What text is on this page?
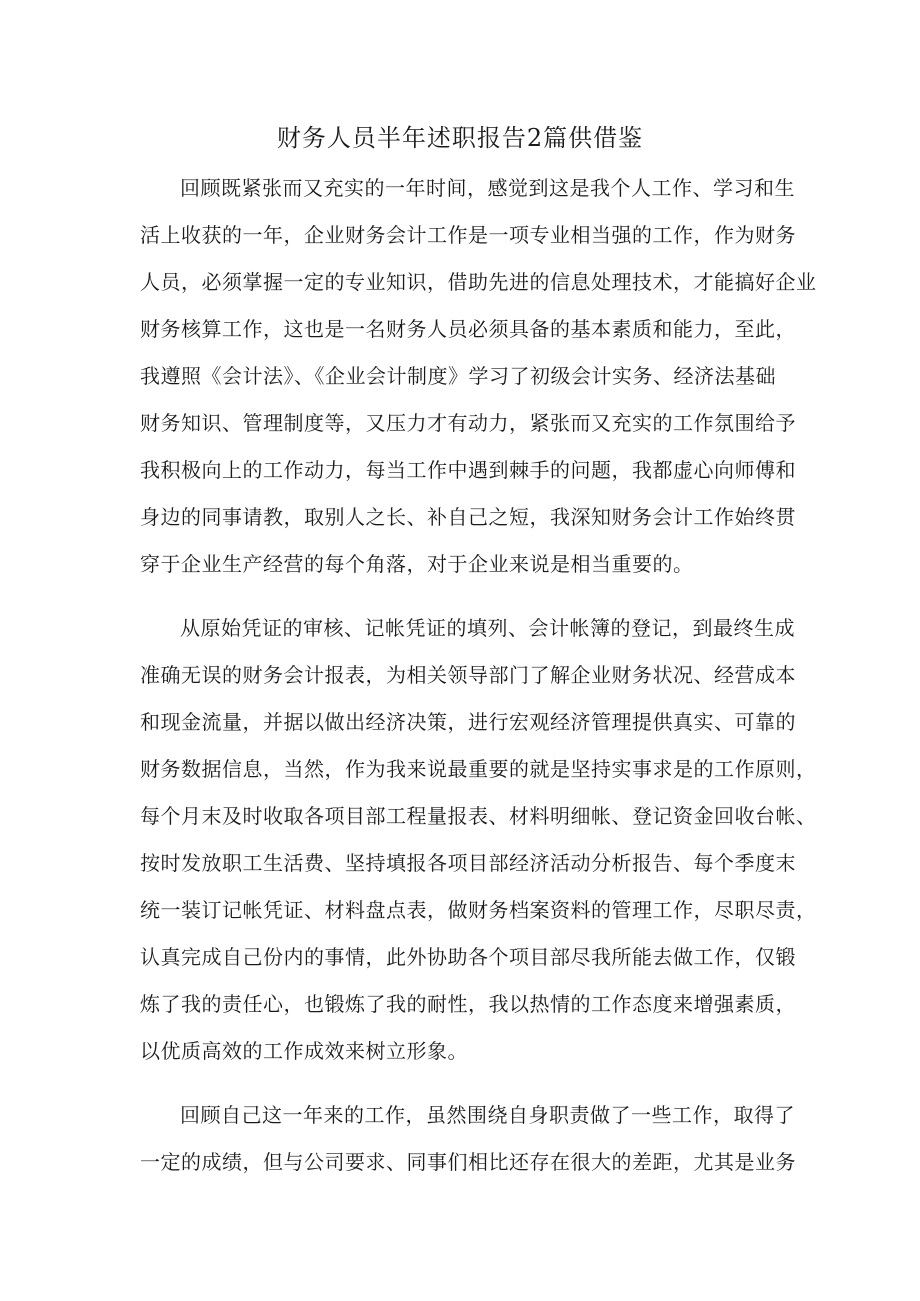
财务人员半年述职报告2篇供借鉴
回顾既紧张而又充实的一年时间，感觉到这是我个人工作、学习和生
活上收获的一年，企业财务会计工作是一项专业相当强的工作，作为财务
人员，必须掌握一定的专业知识，借助先进的信息处理技术，才能搞好企业
财务核算工作，这也是一名财务人员必须具备的基本素质和能力，至此，
我遵照《会计法》、《企业会计制度》学习了初级会计实务、经济法基础
财务知识、管理制度等，又压力才有动力，紧张而又充实的工作氛围给予
我积极向上的工作动力，每当工作中遇到棘手的问题，我都虚心向师傅和
身边的同事请教，取别人之长、补自己之短，我深知财务会计工作始终贯
穿于企业生产经营的每个角落，对于企业来说是相当重要的。
从原始凭证的审核、记帐凭证的填列、会计帐簿的登记，到最终生成
准确无误的财务会计报表，为相关领导部门了解企业财务状况、经营成本
和现金流量，并据以做出经济决策，进行宏观经济管理提供真实、可靠的
财务数据信息，当然，作为我来说最重要的就是坚持实事求是的工作原则，
每个月末及时收取各项目部工程量报表、材料明细帐、登记资金回收台帐、
按时发放职工生活费、坚持填报各项目部经济活动分析报告、每个季度末
统一装订记帐凭证、材料盘点表，做财务档案资料的管理工作，尽职尽责，
认真完成自己份内的事情，此外协助各个项目部尽我所能去做工作，仅锻
炼了我的责任心，也锻炼了我的耐性，我以热情的工作态度来增强素质，
以优质高效的工作成效来树立形象。
回顾自己这一年来的工作，虽然围绕自身职责做了一些工作，取得了
一定的成绩，但与公司要求、同事们相比还存在很大的差距，尤其是业务
